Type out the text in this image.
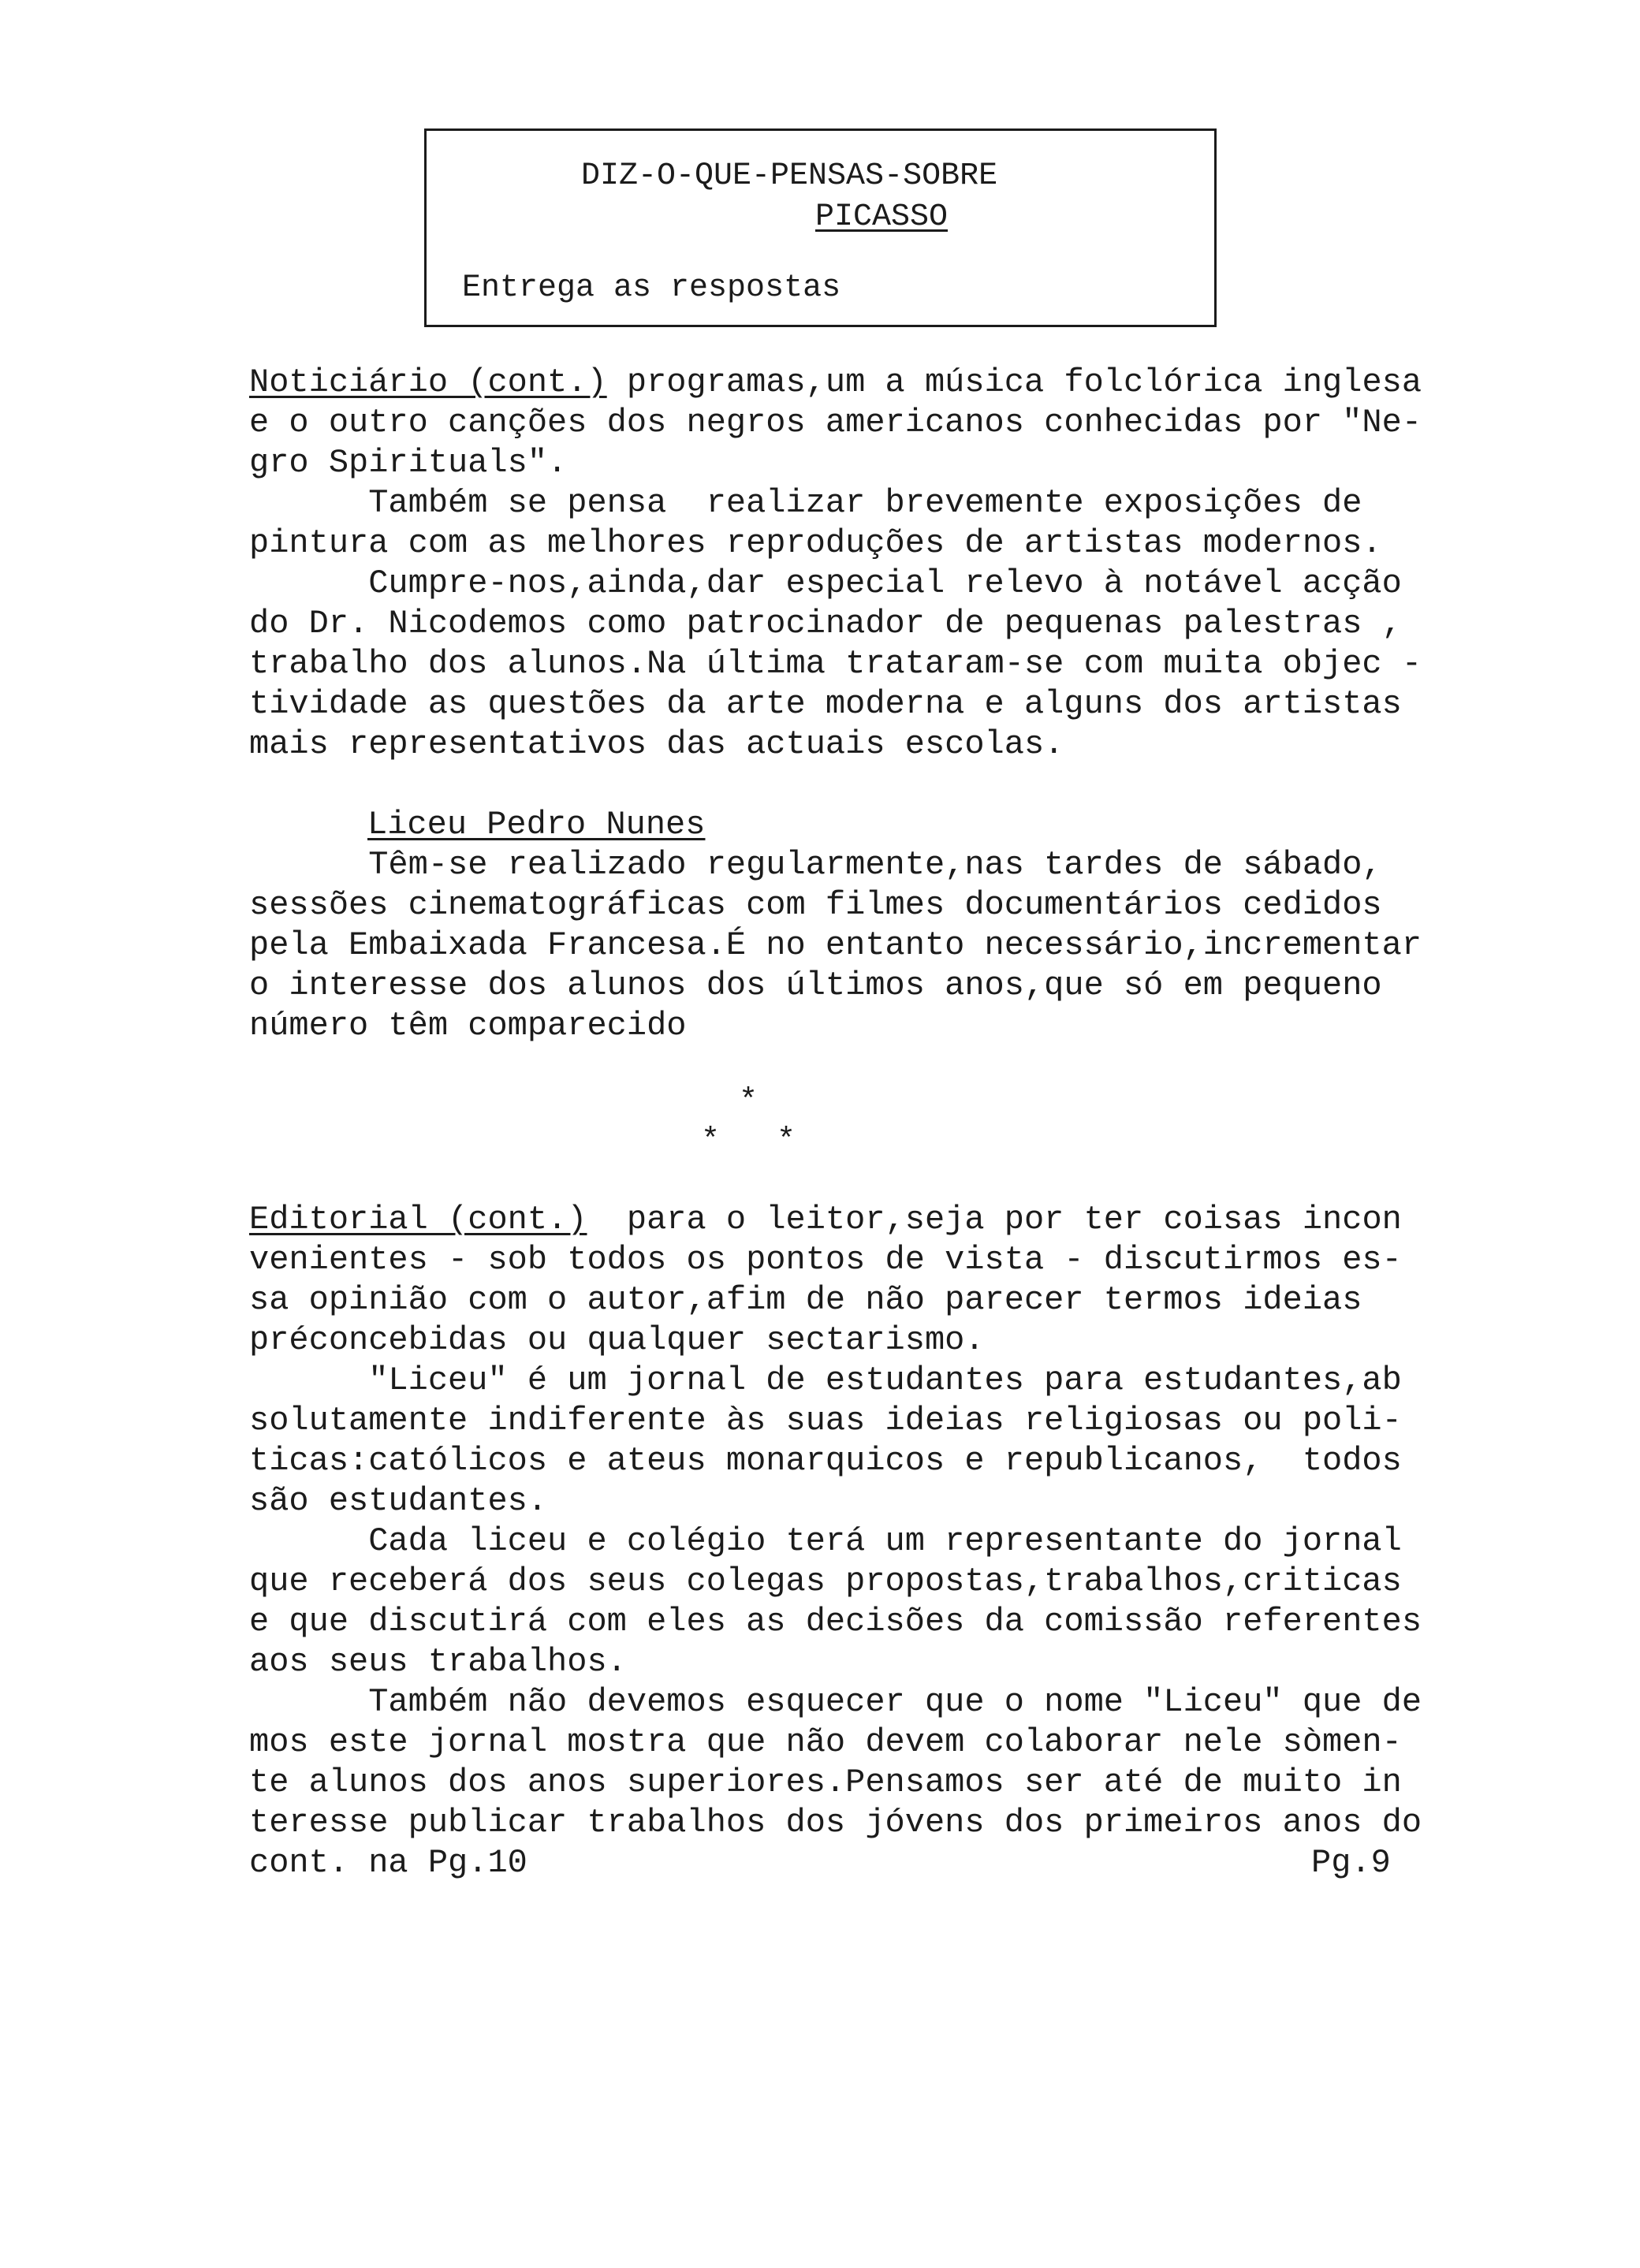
DIZ-O-QUE-PENSAS-SOBRE
PICASSO
Entrega as respostas
Noticiário (cont.) programas,um a música folclórica inglesa
e o outro canções dos negros americanos conhecidas por "Ne-
gro Spirituals".
Também se pensa  realizar brevemente exposições de
pintura com as melhores reproduções de artistas modernos.
Cumpre-nos,ainda,dar especial relevo à notável acção
do Dr. Nicodemos como patrocinador de pequenas palestras ,
trabalho dos alunos.Na última trataram-se com muita objec -
tividade as questões da arte moderna e alguns dos artistas
mais representativos das actuais escolas.
Liceu Pedro Nunes
Têm-se realizado regularmente,nas tardes de sábado,
sessões cinematográficas com filmes documentários cedidos
pela Embaixada Francesa.É no entanto necessário,incrementar
o interesse dos alunos dos últimos anos,que só em pequeno
número têm comparecido
*
*   *
Editorial (cont.)  para o leitor,seja por ter coisas incon
venientes - sob todos os pontos de vista - discutirmos es-
sa opinião com o autor,afim de não parecer termos ideias
préconcebidas ou qualquer sectarismo.
"Liceu" é um jornal de estudantes para estudantes,ab
solutamente indiferente às suas ideias religiosas ou poli-
ticas:católicos e ateus monarquicos e republicanos,  todos
são estudantes.
Cada liceu e colégio terá um representante do jornal
que receberá dos seus colegas propostas,trabalhos,criticas
e que discutirá com eles as decisões da comissão referentes
aos seus trabalhos.
Também não devemos esquecer que o nome "Liceu" que de
mos este jornal mostra que não devem colaborar nele sòmen-
te alunos dos anos superiores.Pensamos ser até de muito in
teresse publicar trabalhos dos jóvens dos primeiros anos do
cont. na Pg.10	Pg.9
